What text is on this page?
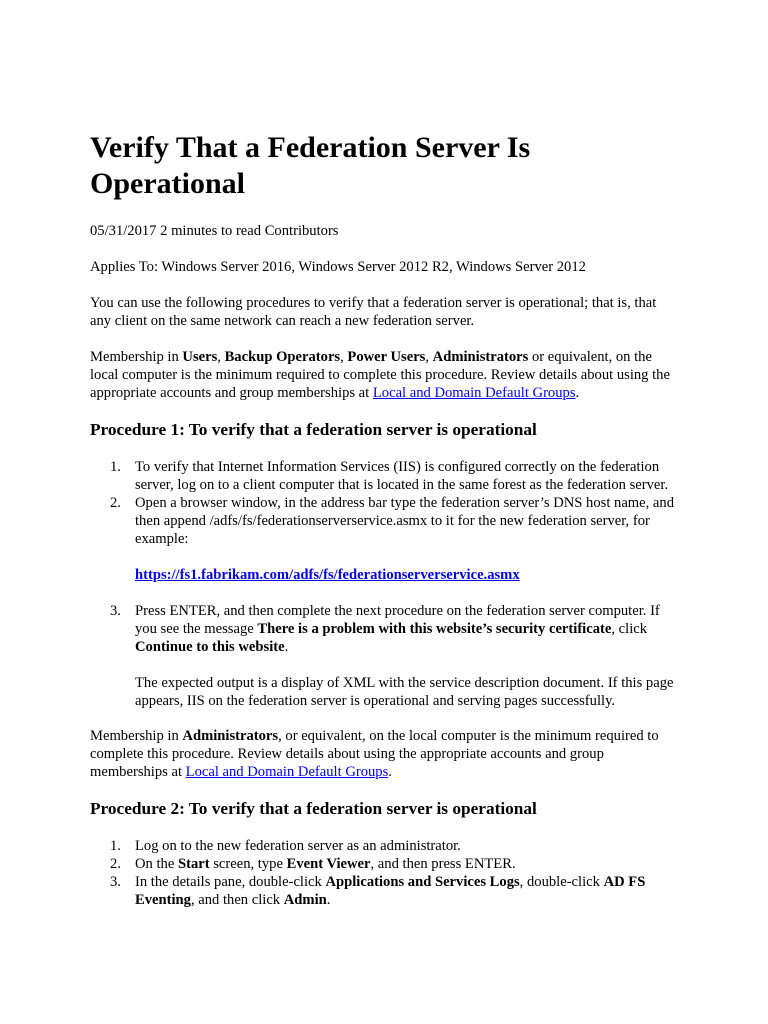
Verify That a Federation Server Is Operational

05/31/2017 2 minutes to read Contributors

Applies To: Windows Server 2016, Windows Server 2012 R2, Windows Server 2012

You can use the following procedures to verify that a federation server is operational; that is, that any client on the same network can reach a new federation server.

Membership in Users, Backup Operators, Power Users, Administrators or equivalent, on the local computer is the minimum required to complete this procedure. Review details about using the appropriate accounts and group memberships at Local and Domain Default Groups.

Procedure 1: To verify that a federation server is operational
1. To verify that Internet Information Services (IIS) is configured correctly on the federation server, log on to a client computer that is located in the same forest as the federation server.
2. Open a browser window, in the address bar type the federation server’s DNS host name, and then append /adfs/fs/federationserverservice.asmx to it for the new federation server, for example:
https://fs1.fabrikam.com/adfs/fs/federationserverservice.asmx
3. Press ENTER, and then complete the next procedure on the federation server computer. If you see the message There is a problem with this website’s security certificate, click Continue to this website.

The expected output is a display of XML with the service description document. If this page appears, IIS on the federation server is operational and serving pages successfully.

Membership in Administrators, or equivalent, on the local computer is the minimum required to complete this procedure. Review details about using the appropriate accounts and group memberships at Local and Domain Default Groups.

Procedure 2: To verify that a federation server is operational
1. Log on to the new federation server as an administrator.
2. On the Start screen, type Event Viewer, and then press ENTER.
3. In the details pane, double-click Applications and Services Logs, double-click AD FS Eventing, and then click Admin.
